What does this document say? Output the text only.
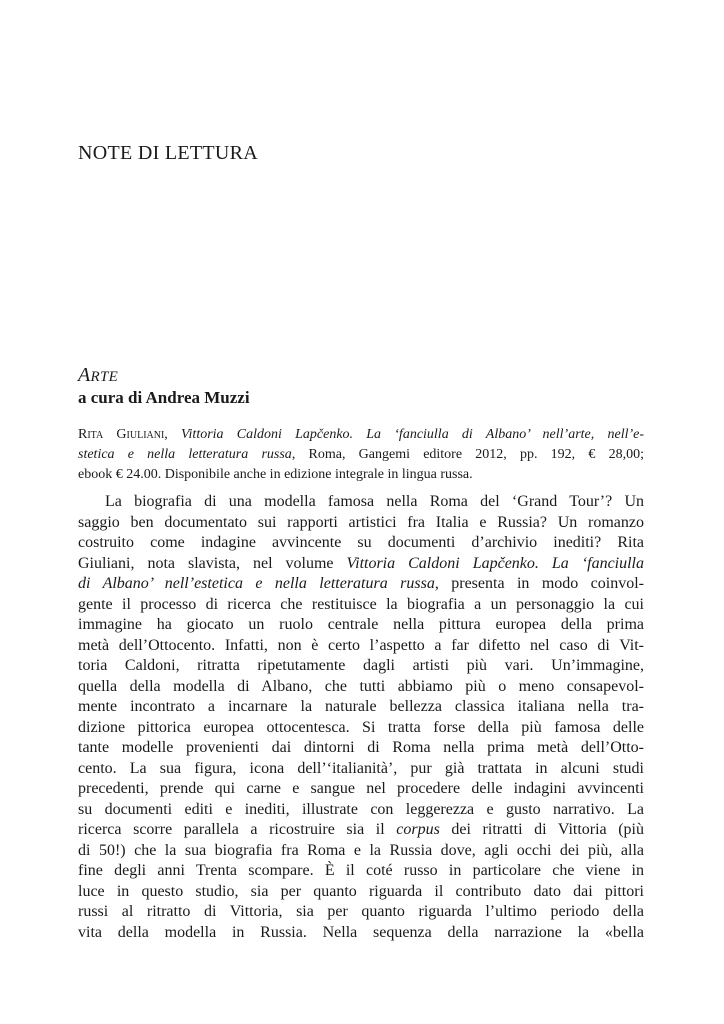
NOTE DI LETTURA
ARTE
a cura di Andrea Muzzi
Rita Giuliani, Vittoria Caldoni Lapčenko. La ‘fanciulla di Albano’ nell’arte, nell’e-
stetica e nella letteratura russa, Roma, Gangemi editore 2012, pp. 192, € 28,00;
ebook € 24.00. Disponibile anche in edizione integrale in lingua russa.
La biografia di una modella famosa nella Roma del ‘Grand Tour’? Un
saggio ben documentato sui rapporti artistici fra Italia e Russia? Un romanzo
costruito come indagine avvincente su documenti d’archivio inediti? Rita
Giuliani, nota slavista, nel volume Vittoria Caldoni Lapčenko. La ‘fanciulla
di Albano’ nell’estetica e nella letteratura russa, presenta in modo coinvol-
gente il processo di ricerca che restituisce la biografia a un personaggio la cui
immagine ha giocato un ruolo centrale nella pittura europea della prima
metà dell’Ottocento. Infatti, non è certo l’aspetto a far difetto nel caso di Vit-
toria Caldoni, ritratta ripetutamente dagli artisti più vari. Un’immagine,
quella della modella di Albano, che tutti abbiamo più o meno consapevol-
mente incontrato a incarnare la naturale bellezza classica italiana nella tra-
dizione pittorica europea ottocentesca. Si tratta forse della più famosa delle
tante modelle provenienti dai dintorni di Roma nella prima metà dell’Otto-
cento. La sua figura, icona dell’‘italianità’, pur già trattata in alcuni studi
precedenti, prende qui carne e sangue nel procedere delle indagini avvincenti
su documenti editi e inediti, illustrate con leggerezza e gusto narrativo. La
ricerca scorre parallela a ricostruire sia il corpus dei ritratti di Vittoria (più
di 50!) che la sua biografia fra Roma e la Russia dove, agli occhi dei più, alla
fine degli anni Trenta scompare. È il coté russo in particolare che viene in
luce in questo studio, sia per quanto riguarda il contributo dato dai pittori
russi al ritratto di Vittoria, sia per quanto riguarda l’ultimo periodo della
vita della modella in Russia. Nella sequenza della narrazione la «bella
